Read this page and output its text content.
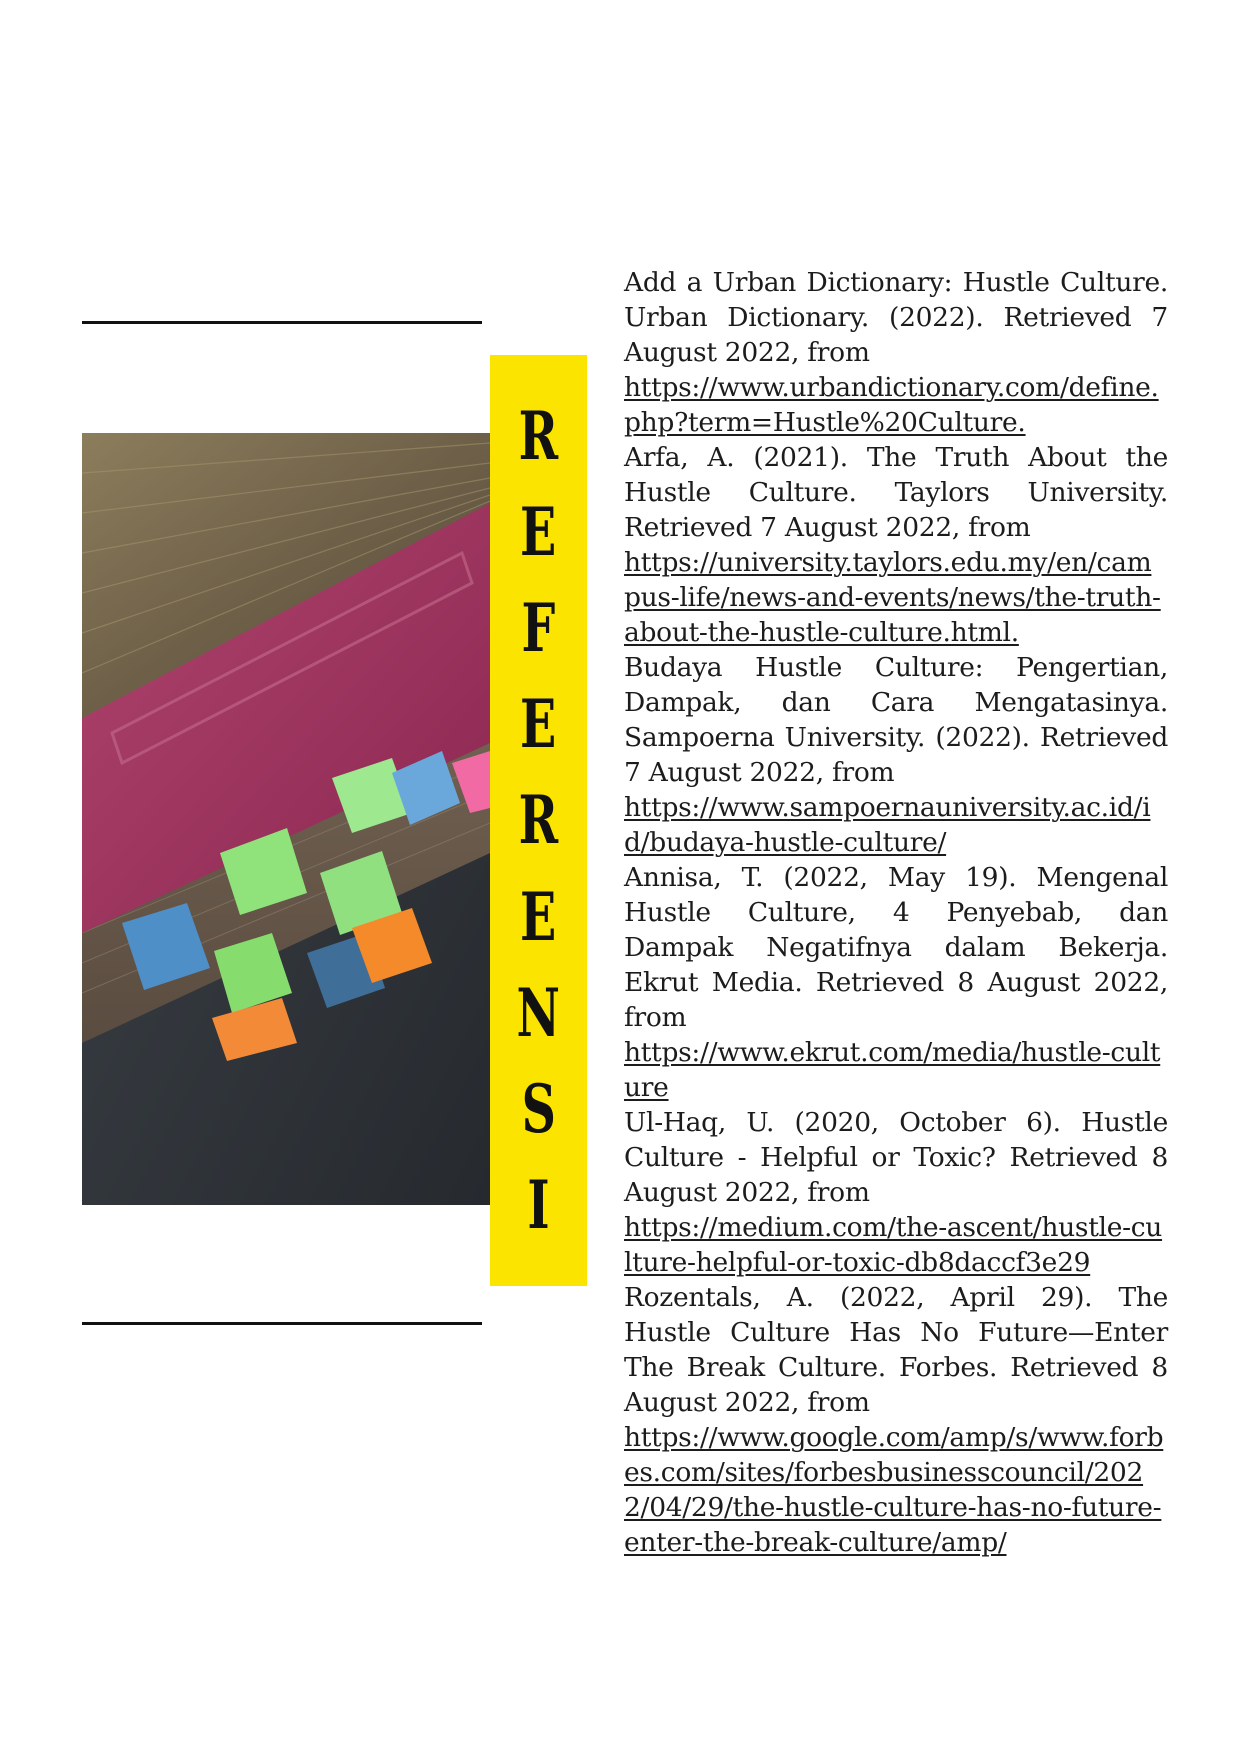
R
E
F
E
R
E
N
S
I

Add a Urban Dictionary: Hustle Culture. Urban Dictionary. (2022). Retrieved 7 August 2022, from

https://www.urbandictionary.com/define.php?term=Hustle%20Culture.

Arfa, A. (2021). The Truth About the Hustle Culture. Taylors University. Retrieved 7 August 2022, from

https://university.taylors.edu.my/en/campus-life/news-and-events/news/the-truth-about-the-hustle-culture.html.

Budaya Hustle Culture: Pengertian, Dampak, dan Cara Mengatasinya. Sampoerna University. (2022). Retrieved 7 August 2022, from

https://www.sampoernauniversity.ac.id/id/budaya-hustle-culture/

Annisa, T. (2022, May 19). Mengenal Hustle Culture, 4 Penyebab, dan Dampak Negatifnya dalam Bekerja. Ekrut Media. Retrieved 8 August 2022, from

https://www.ekrut.com/media/hustle-culture

Ul-Haq, U. (2020, October 6). Hustle Culture - Helpful or Toxic? Retrieved 8 August 2022, from

https://medium.com/the-ascent/hustle-culture-helpful-or-toxic-db8daccf3e29

Rozentals, A. (2022, April 29). The Hustle Culture Has No Future—Enter The Break Culture. Forbes. Retrieved 8 August 2022, from

https://www.google.com/amp/s/www.forbes.com/sites/forbesbusinesscouncil/2022/04/29/the-hustle-culture-has-no-future-enter-the-break-culture/amp/
